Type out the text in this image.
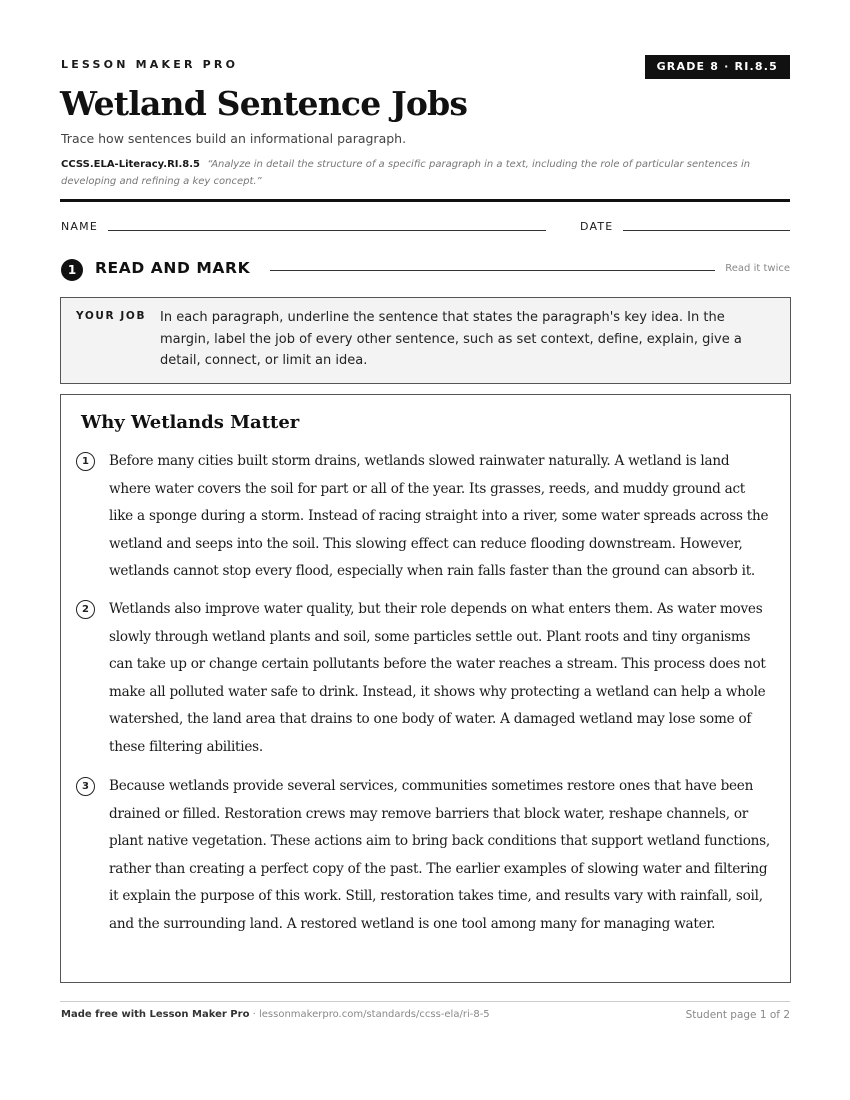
LESSON MAKER PRO	GRADE 8 · RI.8.5
Wetland Sentence Jobs
Trace how sentences build an informational paragraph.
CCSS.ELA-Literacy.RI.8.5 “Analyze in detail the structure of a specific paragraph in a text, including the role of particular sentences in developing and refining a key concept.”
NAME	DATE
1	READ AND MARK	Read it twice
YOUR JOB In each paragraph, underline the sentence that states the paragraph's key idea. In the margin, label the job of every other sentence, such as set context, define, explain, give a detail, connect, or limit an idea.
Why Wetlands Matter
1	Before many cities built storm drains, wetlands slowed rainwater naturally. A wetland is land where water covers the soil for part or all of the year. Its grasses, reeds, and muddy ground act like a sponge during a storm. Instead of racing straight into a river, some water spreads across the wetland and seeps into the soil. This slowing effect can reduce flooding downstream. However, wetlands cannot stop every flood, especially when rain falls faster than the ground can absorb it.

2	Wetlands also improve water quality, but their role depends on what enters them. As water moves slowly through wetland plants and soil, some particles settle out. Plant roots and tiny organisms can take up or change certain pollutants before the water reaches a stream. This process does not make all polluted water safe to drink. Instead, it shows why protecting a wetland can help a whole watershed, the land area that drains to one body of water. A damaged wetland may lose some of these filtering abilities.

3	Because wetlands provide several services, communities sometimes restore ones that have been drained or filled. Restoration crews may remove barriers that block water, reshape channels, or plant native vegetation. These actions aim to bring back conditions that support wetland functions, rather than creating a perfect copy of the past. The earlier examples of slowing water and filtering it explain the purpose of this work. Still, restoration takes time, and results vary with rainfall, soil, and the surrounding land. A restored wetland is one tool among many for managing water.

Made free with Lesson Maker Pro · lessonmakerpro.com/standards/ccss-ela/ri-8-5	Student page 1 of 2
